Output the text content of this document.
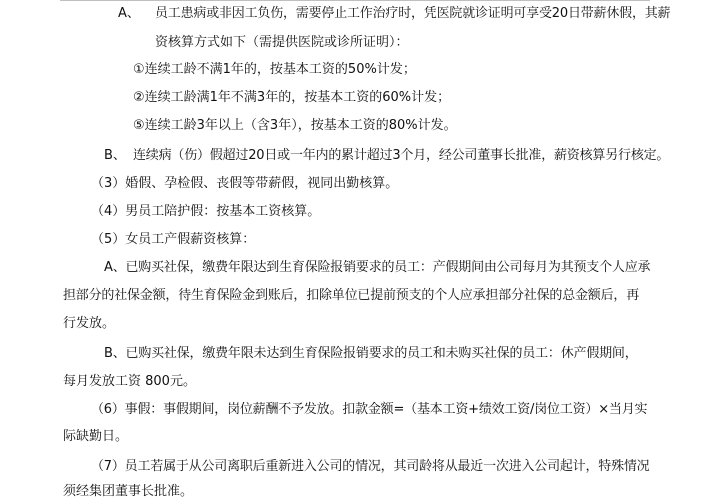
A、 员工患病或非因工负伤，需要停止工作治疗时，凭医院就诊证明可享受20日带薪休假，其薪
资核算方式如下（需提供医院或诊所证明）：
①连续工龄不满1年的，按基本工资的50%计发；
②连续工龄满1年不满3年的，按基本工资的60%计发；
⑤连续工龄3年以上（含3年），按基本工资的80%计发。
B、 连续病（伤）假超过20日或一年内的累计超过3个月，经公司董事长批准，薪资核算另行核定。
（3）婚假、孕检假、丧假等带薪假，视同出勤核算。
（4）男员工陪护假：按基本工资核算。
（5）女员工产假薪资核算：
A、已购买社保，缴费年限达到生育保险报销要求的员工：产假期间由公司每月为其预支个人应承
担部分的社保金额，待生育保险金到账后，扣除单位已提前预支的个人应承担部分社保的总金额后，再
行发放。
B、已购买社保，缴费年限未达到生育保险报销要求的员工和未购买社保的员工：休产假期间，
每月发放工资 800元。
（6）事假：事假期间，岗位薪酬不予发放。扣款金额=（基本工资+绩效工资/岗位工资）×当月实
际缺勤日。
（7）员工若属于从公司离职后重新进入公司的情况，其司龄将从最近一次进入公司起计，特殊情况
须经集团董事长批准。
